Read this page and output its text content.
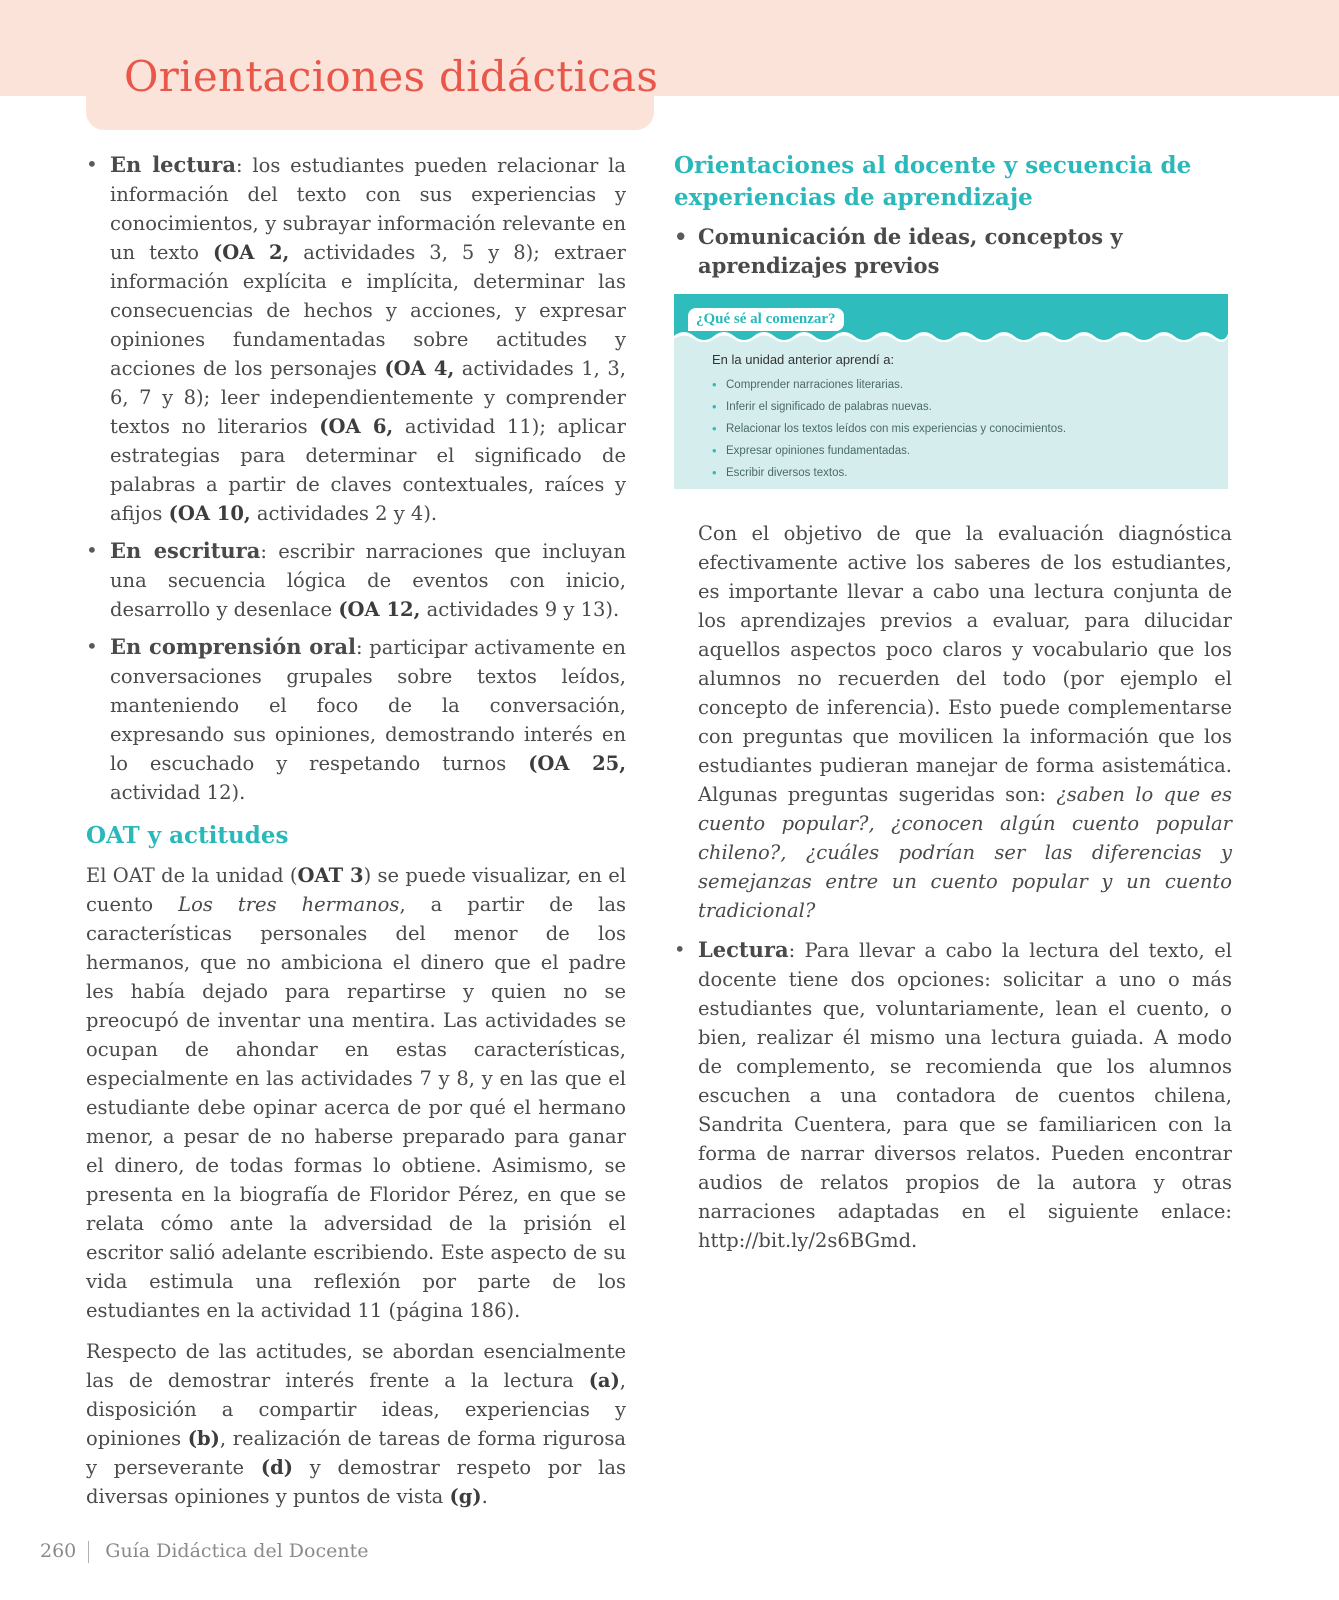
Orientaciones didácticas
• En lectura: los estudiantes pueden relacionar la información del texto con sus experiencias y conocimientos, y subrayar información relevante en un texto (OA 2, actividades 3, 5 y 8); extraer información explícita e implícita, determinar las consecuencias de hechos y acciones, y expresar opiniones fundamentadas sobre actitudes y acciones de los personajes (OA 4, actividades 1, 3, 6, 7 y 8); leer independientemente y comprender textos no literarios (OA 6, actividad 11); aplicar estrategias para determinar el significado de palabras a partir de claves contextuales, raíces y afijos (OA 10, actividades 2 y 4).
• En escritura: escribir narraciones que incluyan una secuencia lógica de eventos con inicio, desarrollo y desenlace (OA 12, actividades 9 y 13).
• En comprensión oral: participar activamente en conversaciones grupales sobre textos leídos, manteniendo el foco de la conversación, expresando sus opiniones, demostrando interés en lo escuchado y respetando turnos (OA 25, actividad 12).
OAT y actitudes

El OAT de la unidad (OAT 3) se puede visualizar, en el cuento Los tres hermanos, a partir de las características personales del menor de los hermanos, que no ambiciona el dinero que el padre les había dejado para repartirse y quien no se preocupó de inventar una mentira. Las actividades se ocupan de ahondar en estas características, especialmente en las actividades 7 y 8, y en las que el estudiante debe opinar acerca de por qué el hermano menor, a pesar de no haberse preparado para ganar el dinero, de todas formas lo obtiene. Asimismo, se presenta en la biografía de Floridor Pérez, en que se relata cómo ante la adversidad de la prisión el escritor salió adelante escribiendo. Este aspecto de su vida estimula una reflexión por parte de los estudiantes en la actividad 11 (página 186).

Respecto de las actitudes, se abordan esencialmente las de demostrar interés frente a la lectura (a), disposición a compartir ideas, experiencias y opiniones (b), realización de tareas de forma rigurosa y perseverante (d) y demostrar respeto por las diversas opiniones y puntos de vista (g).

Orientaciones al docente y secuencia de experiencias de aprendizaje
• Comunicación de ideas, conceptos y aprendizajes previos
¿Qué sé al comenzar?
En la unidad anterior aprendí a:
• Comprender narraciones literarias.
• Inferir el significado de palabras nuevas.
• Relacionar los textos leídos con mis experiencias y conocimientos.
• Expresar opiniones fundamentadas.
• Escribir diversos textos.

Con el objetivo de que la evaluación diagnóstica efectivamente active los saberes de los estudiantes, es importante llevar a cabo una lectura conjunta de los aprendizajes previos a evaluar, para dilucidar aquellos aspectos poco claros y vocabulario que los alumnos no recuerden del todo (por ejemplo el concepto de inferencia). Esto puede complementarse con preguntas que movilicen la información que los estudiantes pudieran manejar de forma asistemática. Algunas preguntas sugeridas son: ¿saben lo que es cuento popular?, ¿conocen algún cuento popular chileno?, ¿cuáles podrían ser las diferencias y semejanzas entre un cuento popular y un cuento tradicional?

• Lectura: Para llevar a cabo la lectura del texto, el docente tiene dos opciones: solicitar a uno o más estudiantes que, voluntariamente, lean el cuento, o bien, realizar él mismo una lectura guiada. A modo de complemento, se recomienda que los alumnos escuchen a una contadora de cuentos chilena, Sandrita Cuentera, para que se familiaricen con la forma de narrar diversos relatos. Pueden encontrar audios de relatos propios de la autora y otras narraciones adaptadas en el siguiente enlace: http://bit.ly/2s6BGmd.
260 Guía Didáctica del Docente
